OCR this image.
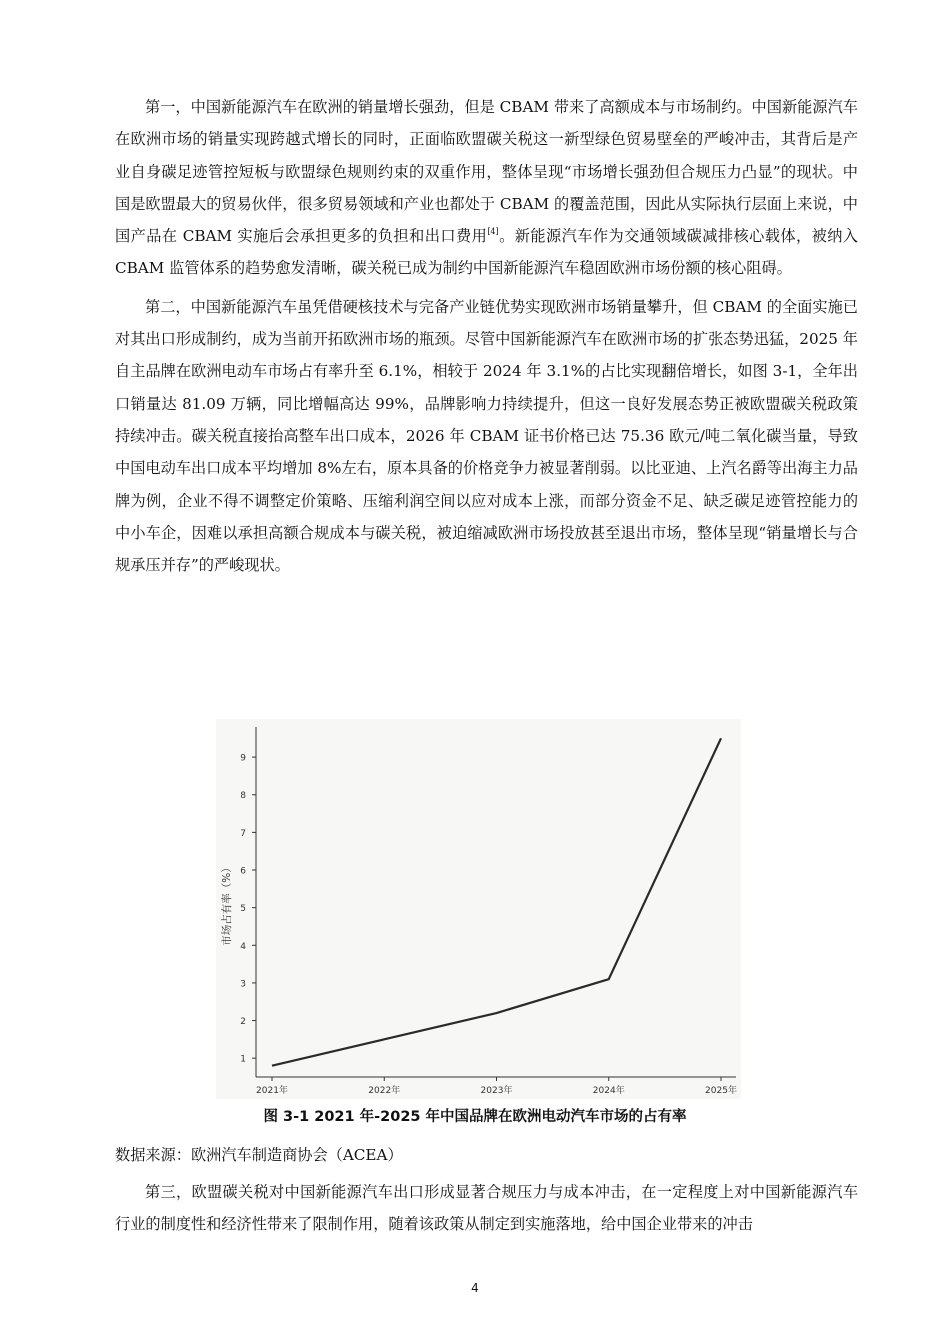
第一，中国新能源汽车在欧洲的销量增长强劲，但是 CBAM 带来了高额成本与市场制约。中国新能源汽车在欧洲市场的销量实现跨越式增长的同时，正面临欧盟碳关税这一新型绿色贸易壁垒的严峻冲击，其背后是产业自身碳足迹管控短板与欧盟绿色规则约束的双重作用，整体呈现“市场增长强劲但合规压力凸显”的现状。中国是欧盟最大的贸易伙伴，很多贸易领域和产业也都处于 CBAM 的覆盖范围，因此从实际执行层面上来说，中国产品在 CBAM 实施后会承担更多的负担和出口费用[4]。新能源汽车作为交通领域碳减排核心载体，被纳入 CBAM 监管体系的趋势愈发清晰，碳关税已成为制约中国新能源汽车稳固欧洲市场份额的核心阻碍。

第二，中国新能源汽车虽凭借硬核技术与完备产业链优势实现欧洲市场销量攀升，但 CBAM 的全面实施已对其出口形成制约，成为当前开拓欧洲市场的瓶颈。尽管中国新能源汽车在欧洲市场的扩张态势迅猛，2025 年自主品牌在欧洲电动车市场占有率升至 6.1%，相较于 2024 年 3.1%的占比实现翻倍增长，如图 3-1，全年出口销量达 81.09 万辆，同比增幅高达 99%，品牌影响力持续提升，但这一良好发展态势正被欧盟碳关税政策持续冲击。碳关税直接抬高整车出口成本，2026 年 CBAM 证书价格已达 75.36 欧元/吨二氧化碳当量，导致中国电动车出口成本平均增加 8%左右，原本具备的价格竞争力被显著削弱。以比亚迪、上汽名爵等出海主力品牌为例，企业不得不调整定价策略、压缩利润空间以应对成本上涨，而部分资金不足、缺乏碳足迹管控能力的中小车企，因难以承担高额合规成本与碳关税，被迫缩减欧洲市场投放甚至退出市场，整体呈现“销量增长与合规承压并存”的严峻现状。

1
2
3
4
5
6
7
8
9
2021年	2022年	2023年	2024年	2025年
市场占有率（%）
图 3-1 2021 年-2025 年中国品牌在欧洲电动汽车市场的占有率
数据来源：欧洲汽车制造商协会（ACEA）

第三，欧盟碳关税对中国新能源汽车出口形成显著合规压力与成本冲击，在一定程度上对中国新能源汽车行业的制度性和经济性带来了限制作用，随着该政策从制定到实施落地，给中国企业带来的冲击

4
